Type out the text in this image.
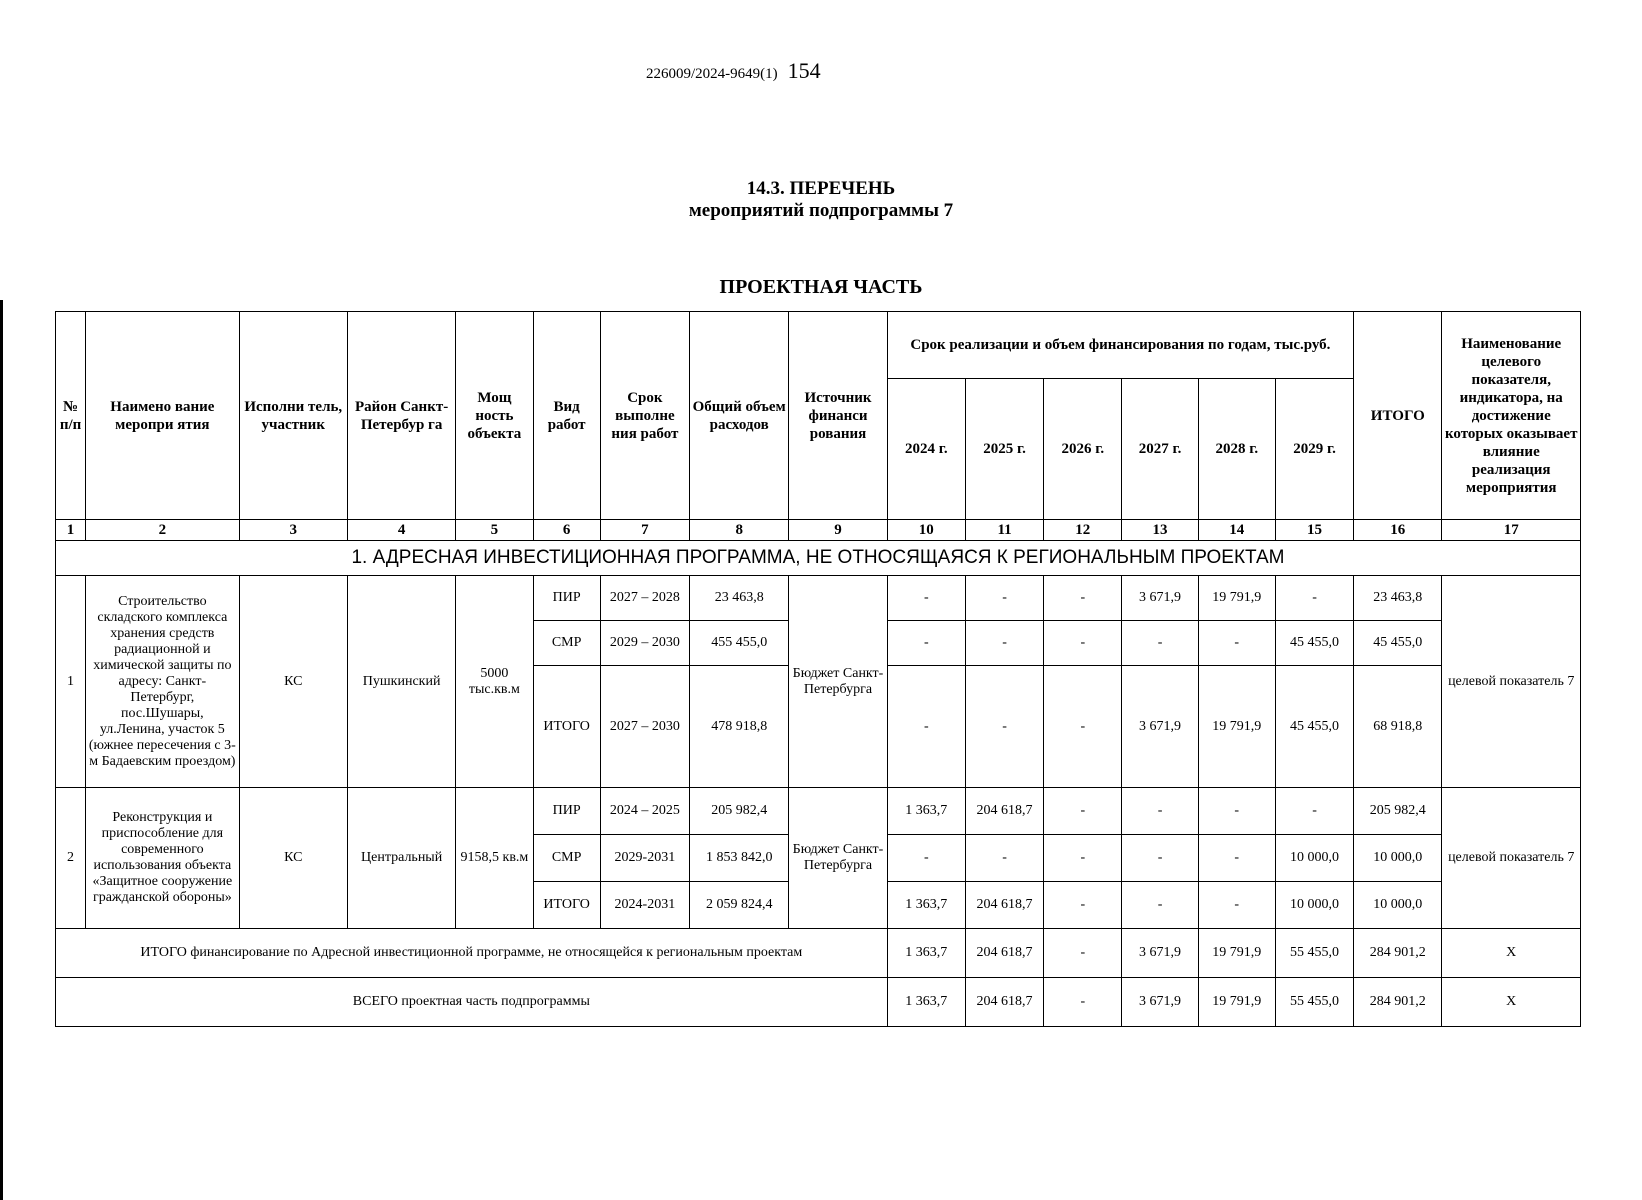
226009/2024-9649(1) 154
14.3. ПЕРЕЧЕНЬ
мероприятий подпрограммы 7
ПРОЕКТНАЯ ЧАСТЬ
№ п/п	Наимено вание меропри ятия	Исполни тель, участник	Район Санкт-Петербур га	Мощ ность объекта	Вид работ	Срок выполне ния работ	Общий объем расходов	Источник финанси рования	Срок реализации и объем финансирования по годам, тыс.руб.						ИТОГО	Наименование целевого показателя, индикатора, на достижение которых оказывает влияние реализация мероприятия
									2024 г.	2025 г.	2026 г.	2027 г.	2028 г.	2029 г.		
1	2	3	4	5	6	7	8	9	10	11	12	13	14	15	16	17
1. АДРЕСНАЯ ИНВЕСТИЦИОННАЯ ПРОГРАММА, НЕ ОТНОСЯЩАЯСЯ К РЕГИОНАЛЬНЫМ ПРОЕКТАМ																
1	Строительство складского комплекса хранения средств радиационной и химической защиты по адресу: Санкт-Петербург, пос.Шушары, ул.Ленина, участок 5 (южнее пересечения с 3-м Бадаевским проездом)	КС	Пушкинский	5000 тыс.кв.м	ПИР	2027 – 2028	23 463,8	Бюджет Санкт-Петербурга	-	-	-	3 671,9	19 791,9	-	23 463,8	целевой показатель 7
					СМР	2029 – 2030	455 455,0		-	-	-	-	-	45 455,0	45 455,0	
					ИТОГО	2027 – 2030	478 918,8		-	-	-	3 671,9	19 791,9	45 455,0	68 918,8	
2	Реконструкция и приспособление для современного использования объекта «Защитное сооружение гражданской обороны»	КС	Центральный	9158,5 кв.м	ПИР	2024 – 2025	205 982,4	Бюджет Санкт-Петербурга	1 363,7	204 618,7	-	-	-	-	205 982,4	целевой показатель 7
					СМР	2029-2031	1 853 842,0		-	-	-	-	-	10 000,0	10 000,0	
					ИТОГО	2024-2031	2 059 824,4		1 363,7	204 618,7	-	-	-	10 000,0	10 000,0	
ИТОГО финансирование по Адресной инвестиционной программе, не относящейся к региональным проектам									1 363,7	204 618,7	-	3 671,9	19 791,9	55 455,0	284 901,2	Х
ВСЕГО проектная часть подпрограммы									1 363,7	204 618,7	-	3 671,9	19 791,9	55 455,0	284 901,2	Х
